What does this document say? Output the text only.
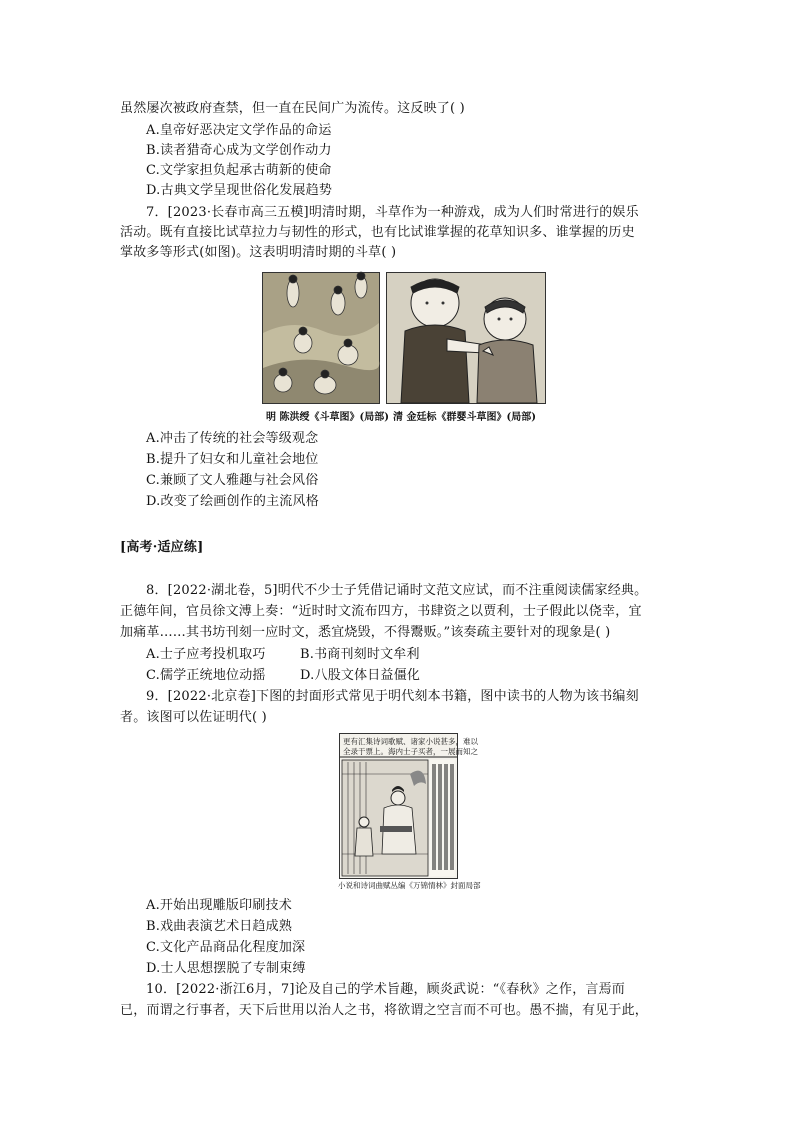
虽然屡次被政府查禁，但一直在民间广为流传。这反映了( )
A.皇帝好恶决定文学作品的命运
B.读者猎奇心成为文学创作动力
C.文学家担负起承古萌新的使命
D.古典文学呈现世俗化发展趋势
7．[2023·长春市高三五模]明清时期，斗草作为一种游戏，成为人们时常进行的娱乐
活动。既有直接比试草拉力与韧性的形式，也有比试谁掌握的花草知识多、谁掌握的历史
掌故多等形式(如图)。这表明明清时期的斗草( )
明 陈洪绶《斗草图》(局部) 清 金廷标《群婴斗草图》(局部)
A.冲击了传统的社会等级观念
B.提升了妇女和儿童社会地位
C.兼顾了文人雅趣与社会风俗
D.改变了绘画创作的主流风格
[高考·适应练]
8．[2022·湖北卷，5]明代不少士子凭借记诵时文范文应试，而不注重阅读儒家经典。
正德年间，官员徐文溥上奏：“近时时文流布四方，书肆资之以贾利，士子假此以侥幸，宜
加痛革……其书坊刊刻一应时文，悉宜烧毁，不得鬻贩。”该奏疏主要针对的现象是( )
A.士子应考投机取巧	B.书商刊刻时文牟利
C.儒学正统地位动摇	D.八股文体日益僵化
9．[2022·北京卷]下图的封面形式常见于明代刻本书籍，图中读书的人物为该书编刻
者。该图可以佐证明代( )
更有汇集诗词歌赋、诸家小说甚多，难以
全录于票上。海内士子买者，一展而知之
小说和诗词曲赋丛编《万锦情林》封面局部
A.开始出现雕版印刷技术
B.戏曲表演艺术日趋成熟
C.文化产品商品化程度加深
D.士人思想摆脱了专制束缚
10．[2022·浙江6月，7]论及自己的学术旨趣，顾炎武说：“《春秋》之作，言焉而
已，而谓之行事者，天下后世用以治人之书，将欲谓之空言而不可也。愚不揣，有见于此，
